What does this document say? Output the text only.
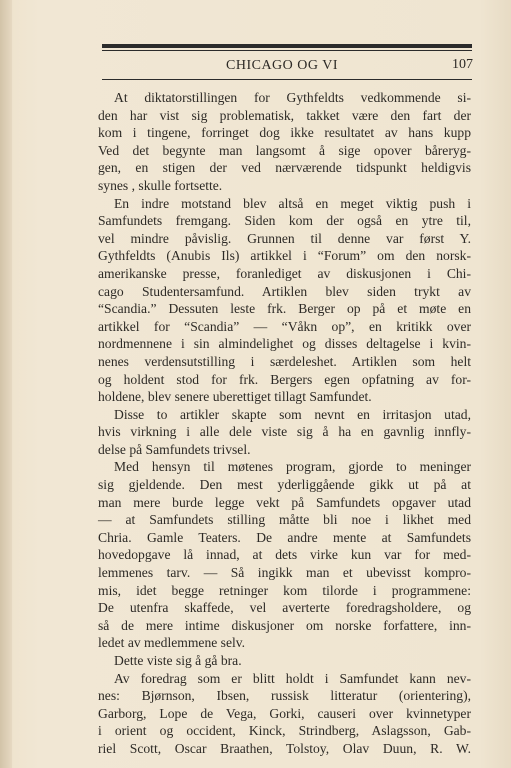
CHICAGO OG VI	107
At diktatorstillingen for Gythfeldts vedkommende si-
den har vist sig problematisk, takket være den fart der
kom i tingene, forringet dog ikke resultatet av hans kupp
Ved det begynte man langsomt å sige opover båreryg-
gen, en stigen der ved nærværende tidspunkt heldigvis
synes , skulle fortsette.
En indre motstand blev altså en meget viktig push i
Samfundets fremgang. Siden kom der også en ytre til,
vel mindre påvislig. Grunnen til denne var først Y.
Gythfeldts (Anubis Ils) artikkel i “Forum” om den norsk-
amerikanske presse, foranlediget av diskusjonen i Chi-
cago Studentersamfund. Artiklen blev siden trykt av
“Scandia.” Dessuten leste frk. Berger op på et møte en
artikkel for “Scandia” — “Våkn op”, en kritikk over
nordmennene i sin almindelighet og disses deltagelse i kvin-
nenes verdensutstilling i særdeleshet. Artiklen som helt
og holdent stod for frk. Bergers egen opfatning av for-
holdene, blev senere uberettiget tillagt Samfundet.
Disse to artikler skapte som nevnt en irritasjon utad,
hvis virkning i alle dele viste sig å ha en gavnlig innfly-
delse på Samfundets trivsel.
Med hensyn til møtenes program, gjorde to meninger
sig gjeldende. Den mest yderliggående gikk ut på at
man mere burde legge vekt på Samfundets opgaver utad
— at Samfundets stilling måtte bli noe i likhet med
Chria. Gamle Teaters. De andre mente at Samfundets
hovedopgave lå innad, at dets virke kun var for med-
lemmenes tarv. — Så ingikk man et ubevisst kompro-
mis, idet begge retninger kom tilorde i programmene:
De utenfra skaffede, vel averterte foredragsholdere, og
så de mere intime diskusjoner om norske forfattere, inn-
ledet av medlemmene selv.
Dette viste sig å gå bra.
Av foredrag som er blitt holdt i Samfundet kann nev-
nes: Bjørnson, Ibsen, russisk litteratur (orientering),
Garborg, Lope de Vega, Gorki, causeri over kvinnetyper
i orient og occident, Kinck, Strindberg, Aslagsson, Gab-
riel Scott, Oscar Braathen, Tolstoy, Olav Duun, R. W.
